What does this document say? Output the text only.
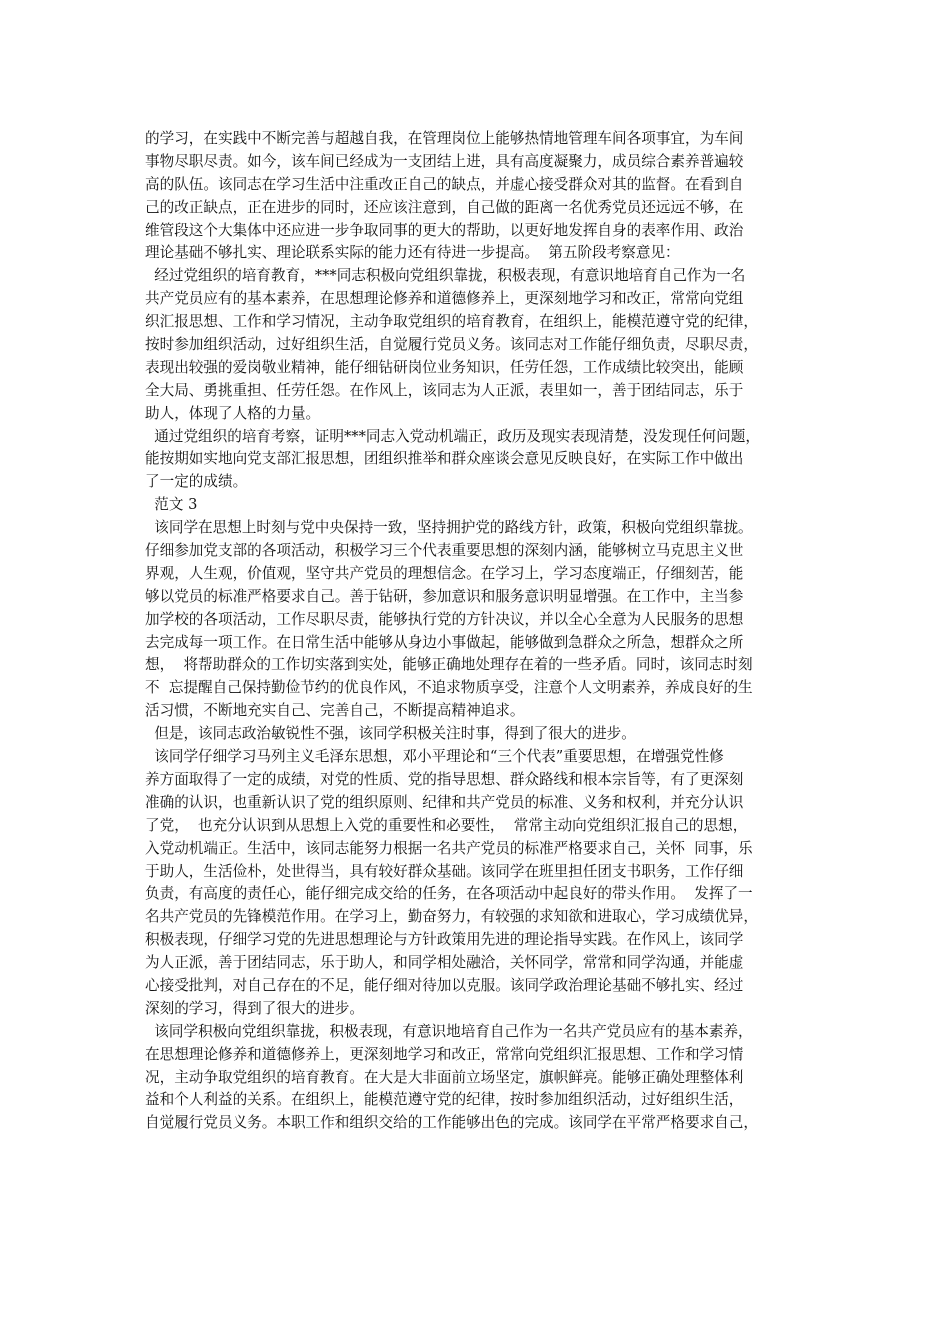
的学习，在实践中不断完善与超越自我，在管理岗位上能够热情地管理车间各项事宜，为车间
事物尽职尽责。如今，该车间已经成为一支团结上进，具有高度凝聚力，成员综合素养普遍较
高的队伍。该同志在学习生活中注重改正自己的缺点，并虚心接受群众对其的监督。在看到自
己的改正缺点，正在进步的同时，还应该注意到，自己做的距离一名优秀党员还远远不够，在
维管段这个大集体中还应进一步争取同事的更大的帮助，以更好地发挥自身的表率作用、政治
理论基础不够扎实、理论联系实际的能力还有待进一步提高。  第五阶段考察意见：
经过党组织的培育教育，***同志积极向党组织靠拢，积极表现，有意识地培育自己作为一名
共产党员应有的基本素养，在思想理论修养和道德修养上，更深刻地学习和改正，常常向党组
织汇报思想、工作和学习情况，主动争取党组织的培育教育，在组织上，能模范遵守党的纪律，
按时参加组织活动，过好组织生活，自觉履行党员义务。该同志对工作能仔细负责，尽职尽责，
表现出较强的爱岗敬业精神，能仔细钻研岗位业务知识，任劳任怨，工作成绩比较突出，能顾
全大局、勇挑重担、任劳任怨。在作风上，该同志为人正派，表里如一，善于团结同志，乐于
助人，体现了人格的力量。
通过党组织的培育考察，证明***同志入党动机端正，政历及现实表现清楚，没发现任何问题，
能按期如实地向党支部汇报思想，团组织推举和群众座谈会意见反映良好，在实际工作中做出
了一定的成绩。
范文 3
该同学在思想上时刻与党中央保持一致，坚持拥护党的路线方针，政策，积极向党组织靠拢。
仔细参加党支部的各项活动，积极学习三个代表重要思想的深刻内涵，能够树立马克思主义世
界观，人生观，价值观，坚守共产党员的理想信念。在学习上，学习态度端正，仔细刻苦，能
够以党员的标准严格要求自己。善于钻研，参加意识和服务意识明显增强。在工作中，主当参
加学校的各项活动，工作尽职尽责，能够执行党的方针决议，并以全心全意为人民服务的思想
去完成每一项工作。在日常生活中能够从身边小事做起，能够做到急群众之所急，想群众之所
想，  将帮助群众的工作切实落到实处，能够正确地处理存在着的一些矛盾。同时，该同志时刻
不  忘提醒自己保持勤俭节约的优良作风，不追求物质享受，注意个人文明素养，养成良好的生
活习惯，不断地充实自己、完善自己，不断提高精神追求。
但是，该同志政治敏锐性不强，该同学积极关注时事，得到了很大的进步。
该同学仔细学习马列主义毛泽东思想，邓小平理论和“三个代表”重要思想，在增强党性修
养方面取得了一定的成绩，对党的性质、党的指导思想、群众路线和根本宗旨等，有了更深刻
准确的认识，也重新认识了党的组织原则、纪律和共产党员的标准、义务和权利，并充分认识
了党，  也充分认识到从思想上入党的重要性和必要性，  常常主动向党组织汇报自己的思想，
入党动机端正。生活中，该同志能努力根据一名共产党员的标准严格要求自己，关怀  同事，乐
于助人，生活俭朴，处世得当，具有较好群众基础。该同学在班里担任团支书职务，工作仔细
负责，有高度的责任心，能仔细完成交给的任务，在各项活动中起良好的带头作用。  发挥了一
名共产党员的先锋模范作用。在学习上，勤奋努力，有较强的求知欲和进取心，学习成绩优异，
积极表现，仔细学习党的先进思想理论与方针政策用先进的理论指导实践。在作风上，该同学
为人正派，善于团结同志，乐于助人，和同学相处融洽，关怀同学，常常和同学沟通，并能虚
心接受批判，对自己存在的不足，能仔细对待加以克服。该同学政治理论基础不够扎实、经过
深刻的学习，得到了很大的进步。
该同学积极向党组织靠拢，积极表现，有意识地培育自己作为一名共产党员应有的基本素养，
在思想理论修养和道德修养上，更深刻地学习和改正，常常向党组织汇报思想、工作和学习情
况，主动争取党组织的培育教育。在大是大非面前立场坚定，旗帜鲜亮。能够正确处理整体利
益和个人利益的关系。在组织上，能模范遵守党的纪律，按时参加组织活动，过好组织生活，
自觉履行党员义务。本职工作和组织交给的工作能够出色的完成。该同学在平常严格要求自己，
